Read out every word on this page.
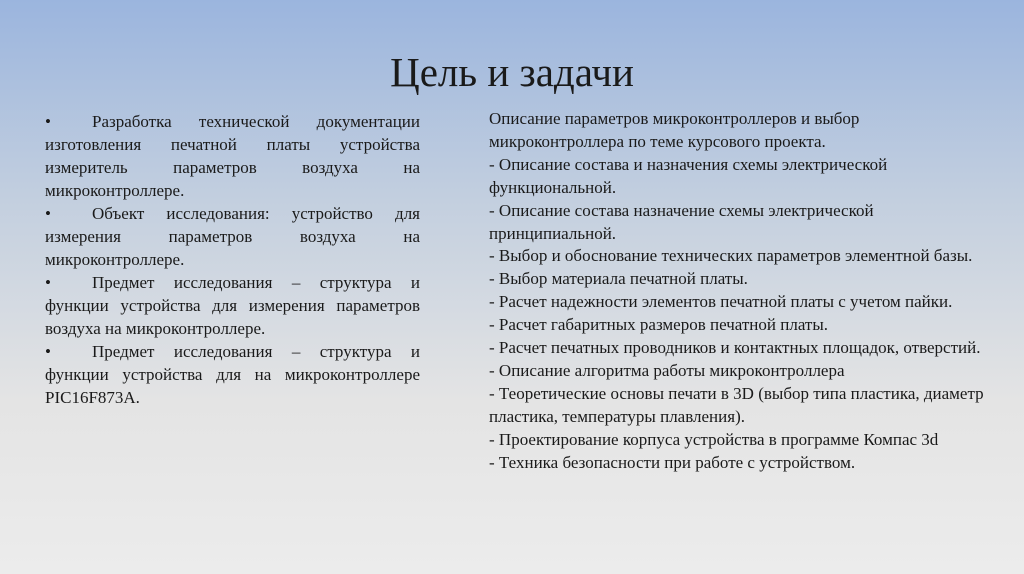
Цель и задачи

• Разработка технической документации изготовления печатной платы устройства измеритель параметров воздуха на микроконтроллере.

• Объект исследования: устройство для измерения параметров воздуха на микроконтроллере.

• Предмет исследования – структура и функции устройства для измерения параметров воздуха на микроконтроллере.

• Предмет исследования – структура и функции устройства для на микроконтроллере PIC16F873A.

Описание параметров микроконтроллеров и выбор микроконтроллера по теме курсового проекта.

- Описание состава и назначения схемы электрической функциональной.

- Описание состава назначение схемы электрической принципиальной.

- Выбор и обоснование технических параметров элементной базы.

- Выбор материала печатной платы.

- Расчет надежности элементов печатной платы с учетом пайки.

- Расчет габаритных размеров печатной платы.

- Расчет печатных проводников и контактных площадок, отверстий.

- Описание алгоритма работы микроконтроллера

- Теоретические основы печати в 3D (выбор типа пластика, диаметр пластика, температуры плавления).

- Проектирование корпуса устройства в программе Компас 3d

- Техника безопасности при работе с устройством.
